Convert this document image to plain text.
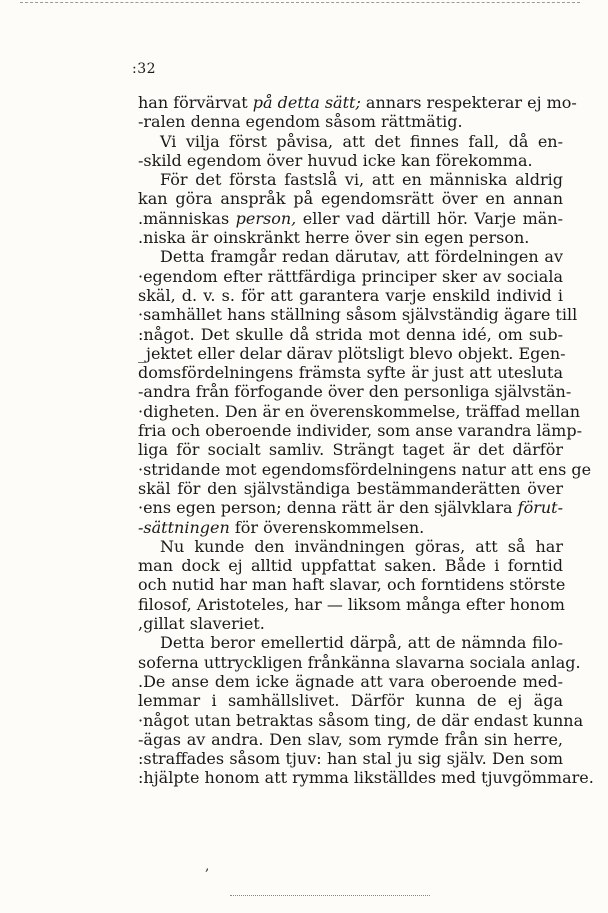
:32
han förvärvat på detta sätt; annars respekterar ej mo-
-ralen denna egendom såsom rättmätig.
Vi vilja först påvisa, att det finnes fall, då en-
-skild egendom över huvud icke kan förekomma.
För det första fastslå vi, att en människa aldrig
kan göra anspråk på egendomsrätt över en annan
.människas person, eller vad därtill hör. Varje män-
.niska är oinskränkt herre över sin egen person.
Detta framgår redan därutav, att fördelningen av
·egendom efter rättfärdiga principer sker av sociala
skäl, d. v. s. för att garantera varje enskild individ i
·samhället hans ställning såsom självständig ägare till
:något. Det skulle då strida mot denna idé, om sub-
_jektet eller delar därav plötsligt blevo objekt. Egen-
domsfördelningens främsta syfte är just att utesluta
-andra från förfogande över den personliga självstän-
·digheten. Den är en överenskommelse, träffad mellan
fria och oberoende individer, som anse varandra lämp-
liga för socialt samliv. Strängt taget är det därför
·stridande mot egendomsfördelningens natur att ens ge
skäl för den självständiga bestämmanderätten över
·ens egen person; denna rätt är den självklara förut-
-sättningen för överenskommelsen.
Nu kunde den invändningen göras, att så har
man dock ej alltid uppfattat saken. Både i forntid
och nutid har man haft slavar, och forntidens störste
filosof, Aristoteles, har — liksom många efter honom
,gillat slaveriet.
Detta beror emellertid därpå, att de nämnda filo-
soferna uttryckligen frånkänna slavarna sociala anlag.
.De anse dem icke ägnade att vara oberoende med-
lemmar i samhällslivet. Därför kunna de ej äga
·något utan betraktas såsom ting, de där endast kunna
-ägas av andra. Den slav, som rymde från sin herre,
:straffades såsom tjuv: han stal ju sig själv. Den som
:hjälpte honom att rymma likställdes med tjuvgömmare.
,
